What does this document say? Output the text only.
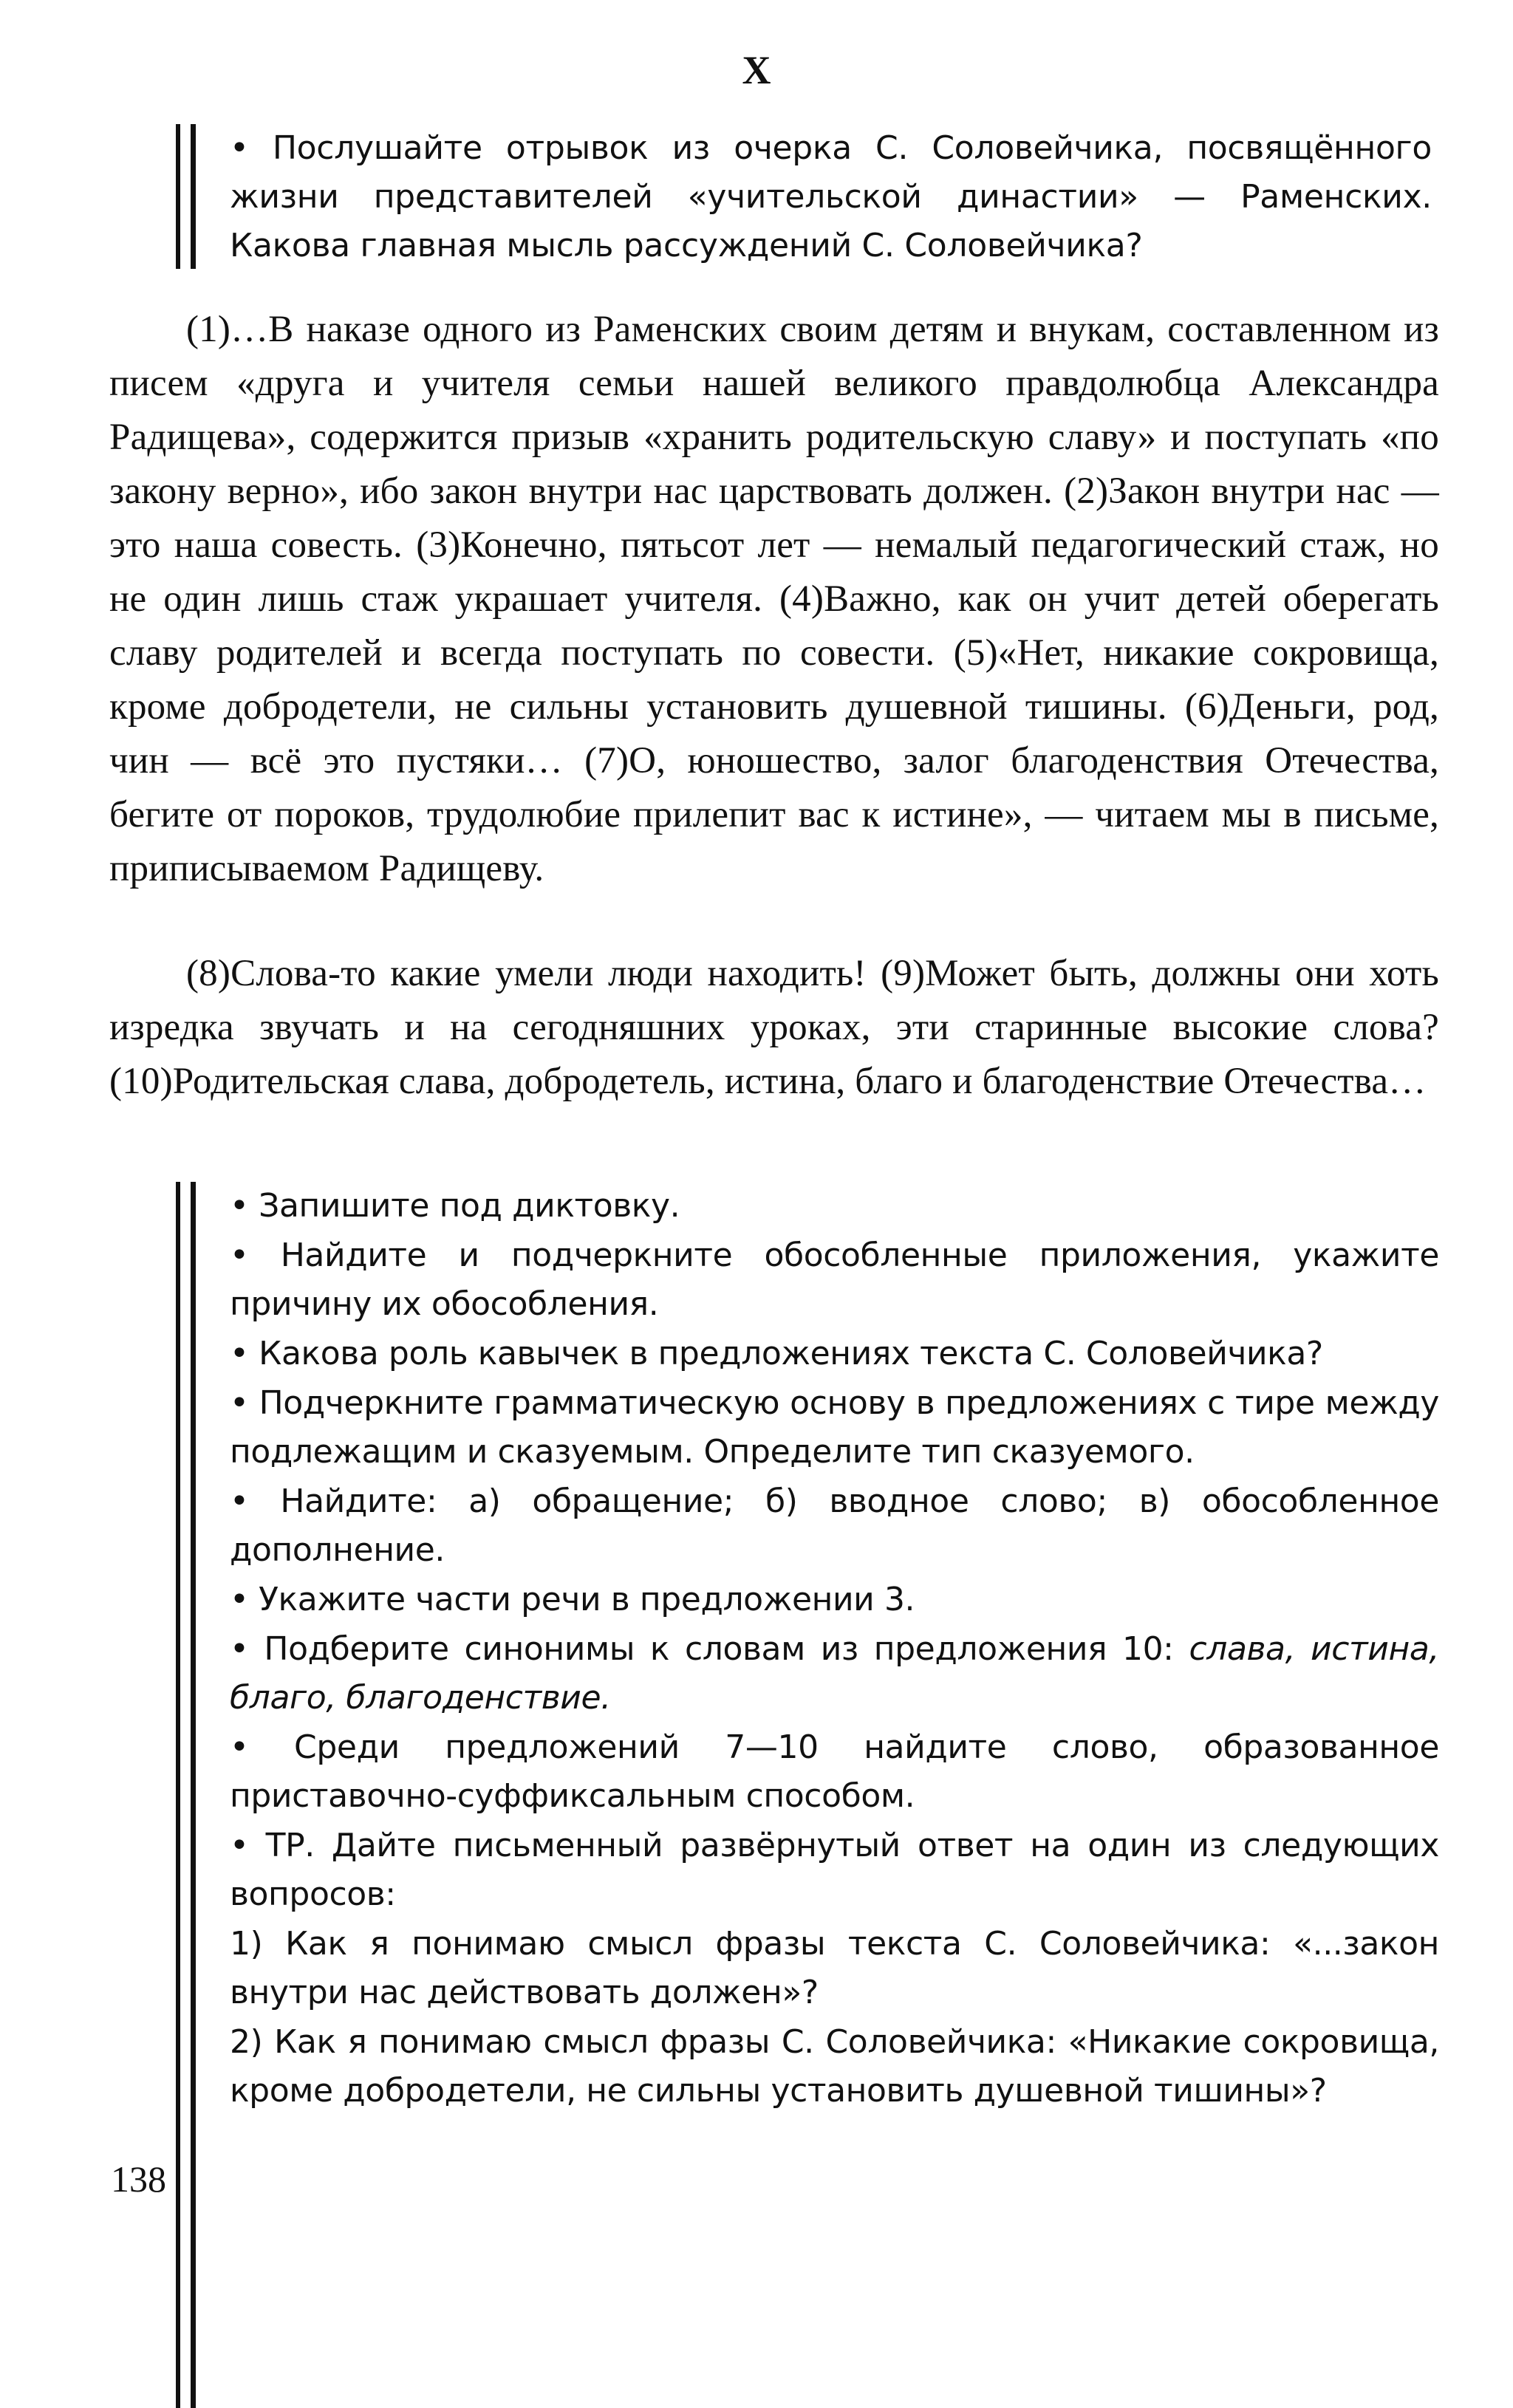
X

• Послушайте отрывок из очерка С. Соловейчика, посвящённого жизни представителей «учительской династии» — Раменских. Какова главная мысль рассуждений С. Соловейчика?

(1)…В наказе одного из Раменских своим детям и внукам, составленном из писем «друга и учителя семьи нашей великого правдолюбца Александра Радищева», содержится призыв «хранить родительскую славу» и поступать «по закону верно», ибо закон внутри нас царствовать должен. (2)Закон внутри нас — это наша совесть. (3)Конечно, пятьсот лет — немалый педагогический стаж, но не один лишь стаж украшает учителя. (4)Важно, как он учит детей оберегать славу родителей и всегда поступать по совести. (5)«Нет, никакие сокровища, кроме добродетели, не сильны установить душевной тишины. (6)Деньги, род, чин — всё это пустяки… (7)О, юношество, залог благоденствия Отечества, бегите от пороков, трудолюбие прилепит вас к истине», — читаем мы в письме, приписываемом Радищеву.

(8)Слова-то какие умели люди находить! (9)Может быть, должны они хоть изредка звучать и на сегодняшних уроках, эти старинные высокие слова? (10)Родительская слава, добродетель, истина, благо и благоденствие Отечества…

• Запишите под диктовку.
• Найдите и подчеркните обособленные приложения, укажите причину их обособления.
• Какова роль кавычек в предложениях текста С. Соловейчика?
• Подчеркните грамматическую основу в предложениях с тире между подлежащим и сказуемым. Определите тип сказуемого.
• Найдите: а) обращение; б) вводное слово; в) обособленное дополнение.
• Укажите части речи в предложении 3.
• Подберите синонимы к словам из предложения 10: слава, истина, благо, благоденствие.
• Среди предложений 7—10 найдите слово, образованное приставочно-суффиксальным способом.
• ТР. Дайте письменный развёрнутый ответ на один из следующих вопросов:
1) Как я понимаю смысл фразы текста С. Соловейчика: «...закон внутри нас действовать должен»?
2) Как я понимаю смысл фразы С. Соловейчика: «Никакие сокровища, кроме добродетели, не сильны установить душевной тишины»?
138
